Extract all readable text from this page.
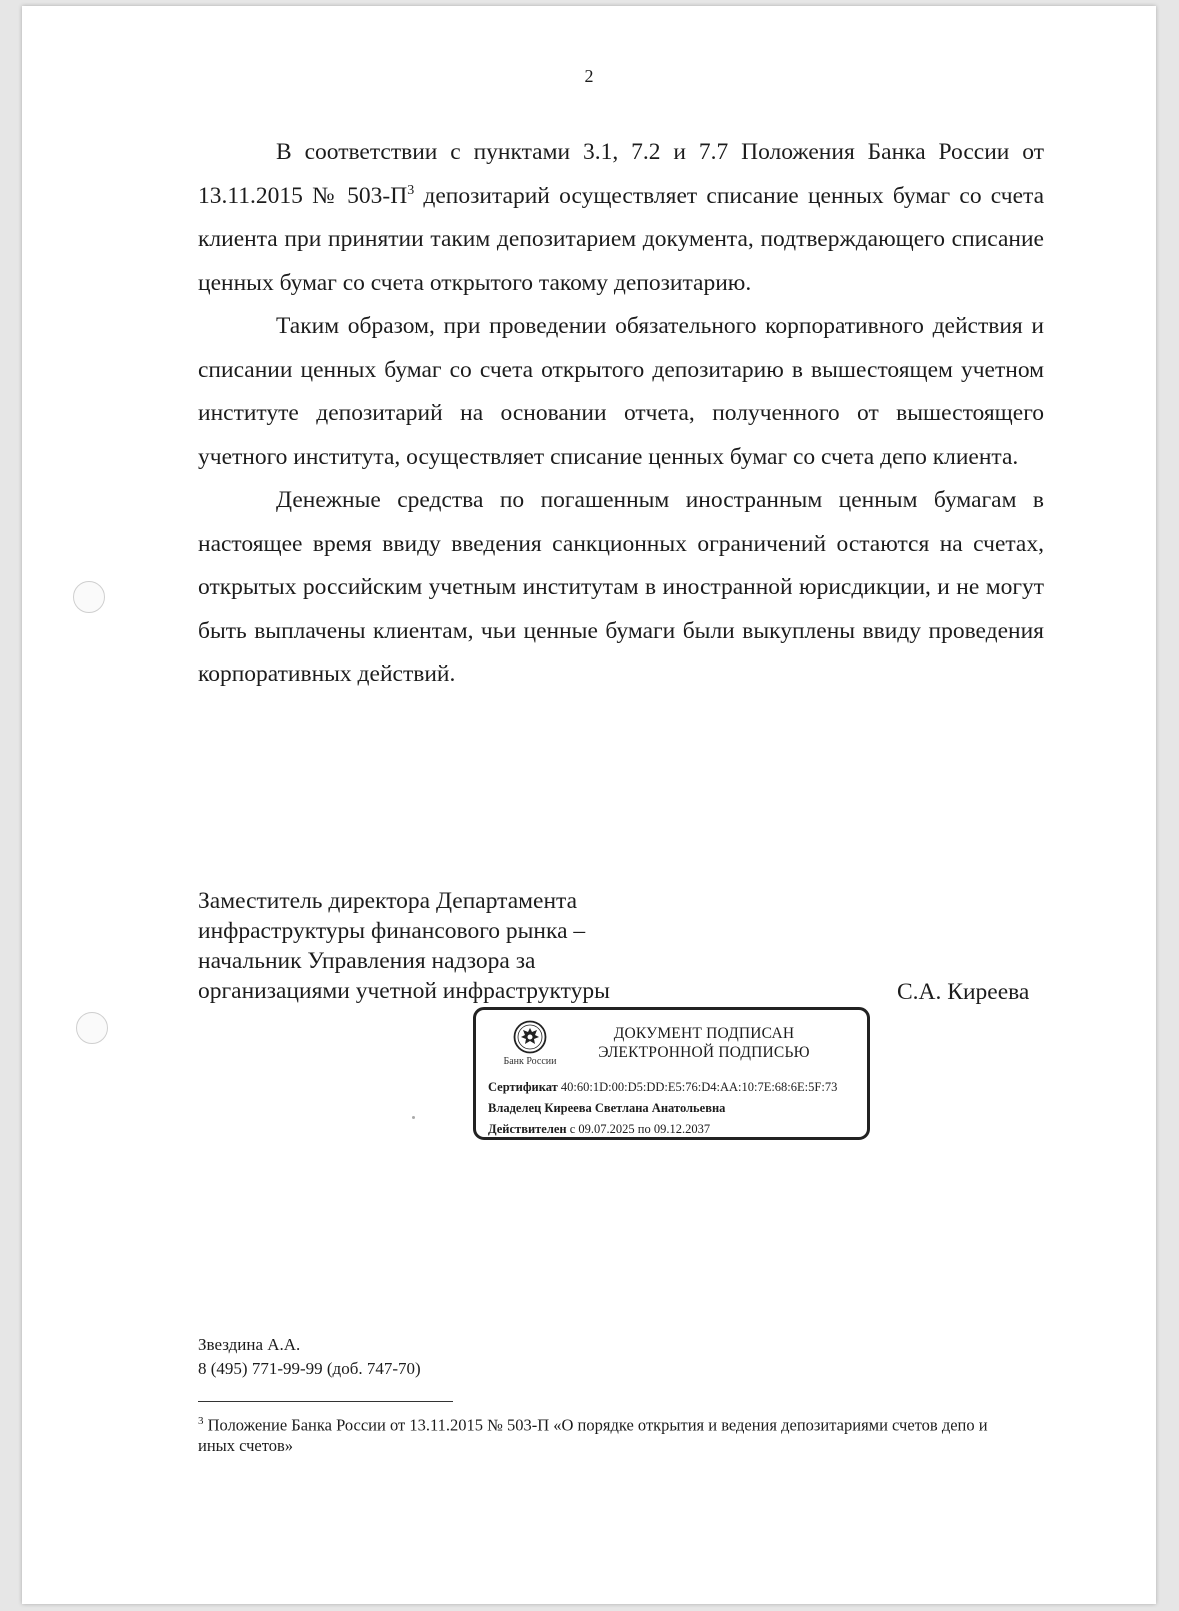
2

В соответствии с пунктами 3.1, 7.2 и 7.7 Положения Банка России от 13.11.2015 № $503-П^3$ депозитарий осуществляет списание ценных бумаг со счета клиента при принятии таким депозитарием документа, подтверждающего списание ценных бумаг со счета открытого такому депозитарию.

Таким образом, при проведении обязательного корпоративного действия и списании ценных бумаг со счета открытого депозитарию в вышестоящем учетном институте депозитарий на основании отчета, полученного от вышестоящего учетного института, осуществляет списание ценных бумаг со счета депо клиента.

Денежные средства по погашенным иностранным ценным бумагам в настоящее время ввиду введения санкционных ограничений остаются на счетах, открытых российским учетным институтам в иностранной юрисдикции, и не могут быть выплачены клиентам, чьи ценные бумаги были выкуплены ввиду проведения корпоративных действий.

Заместитель директора Департамента
инфраструктуры финансового рынка –
начальник Управления надзора за
организациями учетной инфраструктуры	С.А. Киреева
Банк России
ДОКУМЕНТ ПОДПИСАН
ЭЛЕКТРОННОЙ ПОДПИСЬЮ
Сертификат 40:60:1D:00:D5:DD:E5:76:D4:AA:10:7E:68:6E:5F:73
Владелец Киреева Светлана Анатольевна
Действителен с 09.07.2025 по 09.12.2037
Звездина А.А.
8 (495) 771-99-99 (доб. 747-70)
$^3$ Положение Банка России от 13.11.2015 № 503-П «О порядке открытия и ведения депозитариями счетов депо и иных счетов»
